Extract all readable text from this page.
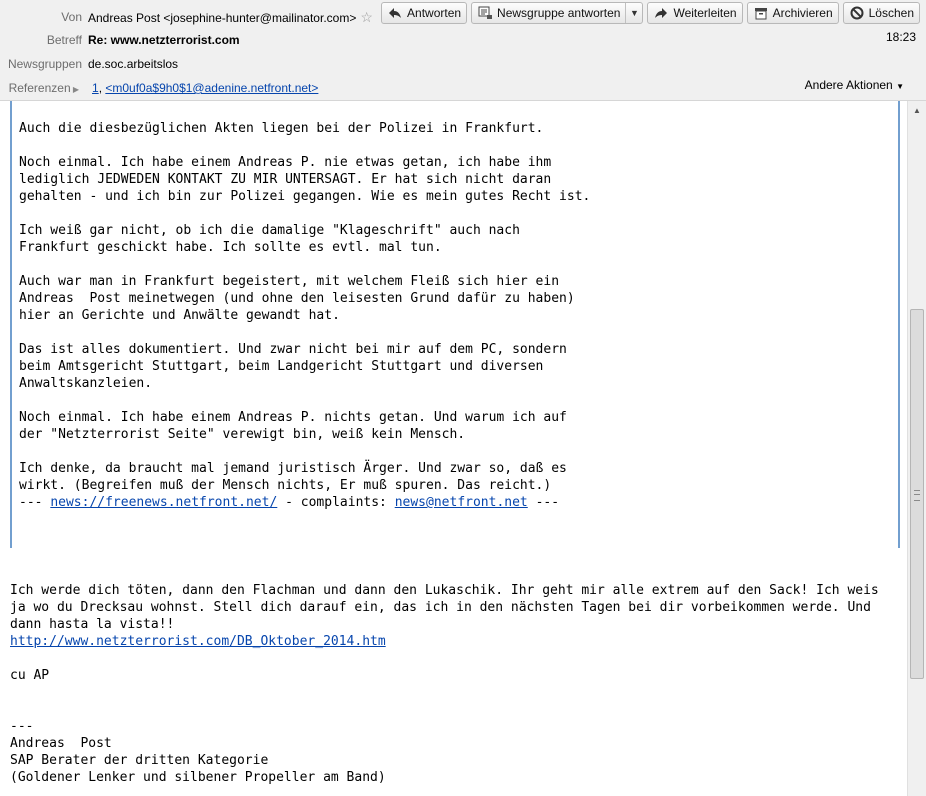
Von Andreas Post <josephine-hunter@mailinator.com> ☆	Antworten	Newsgruppe antworten	▼	Weiterleiten	Archivieren	Löschen
Betreff Re: www.netzterrorist.com	18:23
Newsgruppen de.soc.arbeitslos
Referenzen ▶ 1, <m0uf0a$9h0$1@adenine.netfront.net>	Andere Aktionen ▼
Auch die diesbezüglichen Akten liegen bei der Polizei in Frankfurt.

Noch einmal. Ich habe einem Andreas P. nie etwas getan, ich habe ihm
lediglich JEDWEDEN KONTAKT ZU MIR UNTERSAGT. Er hat sich nicht daran
gehalten - und ich bin zur Polizei gegangen. Wie es mein gutes Recht ist.

Ich weiß gar nicht, ob ich die damalige "Klageschrift" auch nach
Frankfurt geschickt habe. Ich sollte es evtl. mal tun.

Auch war man in Frankfurt begeistert, mit welchem Fleiß sich hier ein
Andreas  Post meinetwegen (und ohne den leisesten Grund dafür zu haben)
hier an Gerichte und Anwälte gewandt hat.

Das ist alles dokumentiert. Und zwar nicht bei mir auf dem PC, sondern
beim Amtsgericht Stuttgart, beim Landgericht Stuttgart und diversen
Anwaltskanzleien.

Noch einmal. Ich habe einem Andreas P. nichts getan. Und warum ich auf
der "Netzterrorist Seite" verewigt bin, weiß kein Mensch.

Ich denke, da braucht mal jemand juristisch Ärger. Und zwar so, daß es
wirkt. (Begreifen muß der Mensch nichts, Er muß spuren. Das reicht.)
--- news://freenews.netfront.net/ - complaints: news@netfront.net ---
Ich werde dich töten, dann den Flachman und dann den Lukaschik. Ihr geht mir alle extrem auf den Sack! Ich weis
ja wo du Drecksau wohnst. Stell dich darauf ein, das ich in den nächsten Tagen bei dir vorbeikommen werde. Und
dann hasta la vista!!
http://www.netzterrorist.com/DB_Oktober_2014.htm

cu AP

---
Andreas  Post
SAP Berater der dritten Kategorie
(Goldener Lenker und silbener Propeller am Band)
▲
